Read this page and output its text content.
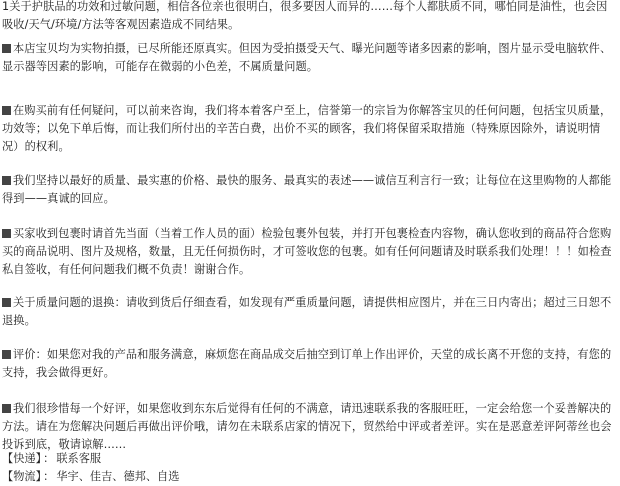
1关于护肤品的功效和过敏问题，相信各位亲也很明白，很多要因人而异的……每个人都肤质不同，哪怕同是油性，也会因吸收/天气/环境/方法等客观因素造成不同结果。
本店宝贝均为实物拍摄，已尽所能还原真实。但因为受拍摄受天气、曝光问题等诸多因素的影响，图片显示受电脑软件、显示器等因素的影响，可能存在微弱的小色差，不属质量问题。
在购买前有任何疑问，可以前来咨询，我们将本着客户至上，信誉第一的宗旨为你解答宝贝的任何问题，包括宝贝质量，功效等；以免下单后悔，而让我们所付出的辛苦白费，出价不买的顾客，我们将保留采取措施（特殊原因除外，请说明情况）的权利。
我们坚持以最好的质量、最实惠的价格、最快的服务、最真实的表述——诚信互利言行一致；让每位在这里购物的人都能得到——真诚的回应。
买家收到包裹时请首先当面（当着工作人员的面）检验包裹外包装，并打开包裹检查内容物，确认您收到的商品符合您购买的商品说明、图片及规格，数量，且无任何损伤时，才可签收您的包裹。如有任何问题请及时联系我们处理！！！如检查私自签收，有任何问题我们概不负责！谢谢合作。
关于质量问题的退换：请收到货后仔细查看，如发现有严重质量问题，请提供相应图片，并在三日内寄出；超过三日恕不退换。
评价：如果您对我的产品和服务满意，麻烦您在商品成交后抽空到订单上作出评价，天堂的成长离不开您的支持，有您的支持，我会做得更好。
我们很珍惜每一个好评，如果您收到东东后觉得有任何的不满意，请迅速联系我的客服旺旺，一定会给您一个妥善解决的方法。请在为您解决问题后再做出评价哦，请勿在未联系店家的情况下，贸然给中评或者差评。实在是恶意差评阿蒂丝也会投诉到底，敬请谅解……
【快递】 ： 联系客服
【物流】 ： 华宇、佳吉、德邦、自选
